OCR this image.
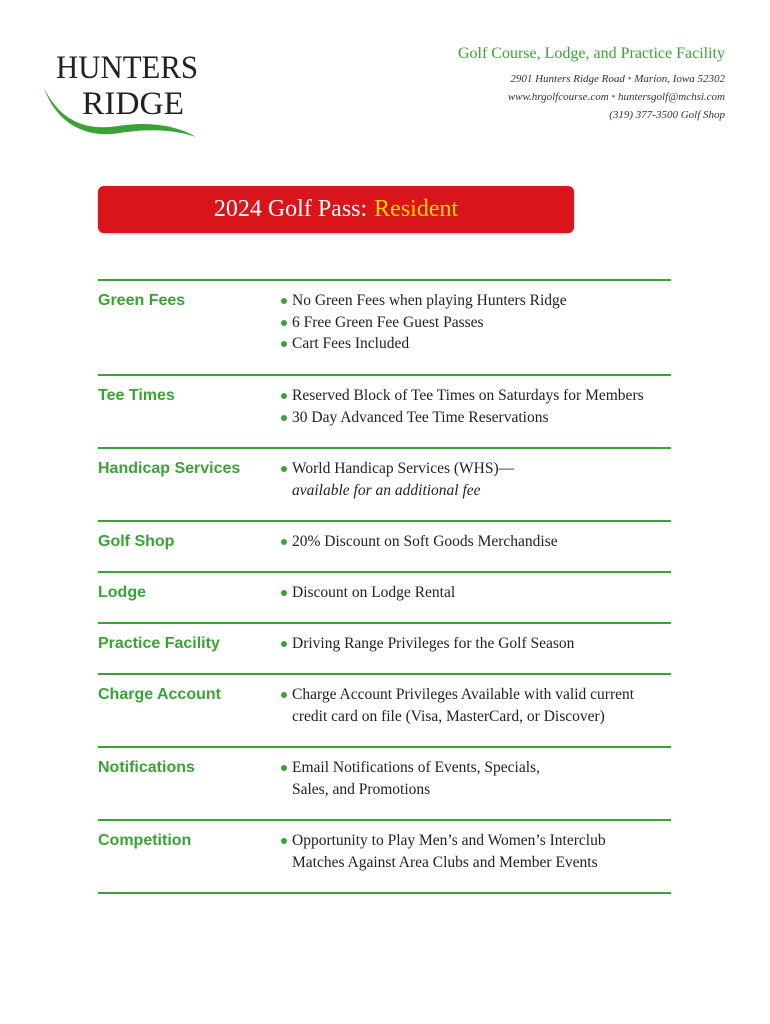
HUNTERS
RIDGE
Golf Course, Lodge, and Practice Facility
2901 Hunters Ridge Road • Marion, Iowa 52302
www.hrgolfcourse.com • huntersgolf@mchsi.com
(319) 377-3500 Golf Shop
2024 Golf Pass: Resident
Green Fees	No Green Fees when playing Hunters Ridge
6 Free Green Fee Guest Passes
Cart Fees Included
Tee Times	Reserved Block of Tee Times on Saturdays for Members
30 Day Advanced Tee Time Reservations
Handicap Services	World Handicap Services (WHS)—
available for an additional fee
Golf Shop	20% Discount on Soft Goods Merchandise
Lodge	Discount on Lodge Rental
Practice Facility	Driving Range Privileges for the Golf Season
Charge Account	Charge Account Privileges Available with valid current credit card on file (Visa, MasterCard, or Discover)
Notifications	Email Notifications of Events, Specials, Sales, and Promotions
Competition	Opportunity to Play Men’s and Women’s Interclub Matches Against Area Clubs and Member Events
